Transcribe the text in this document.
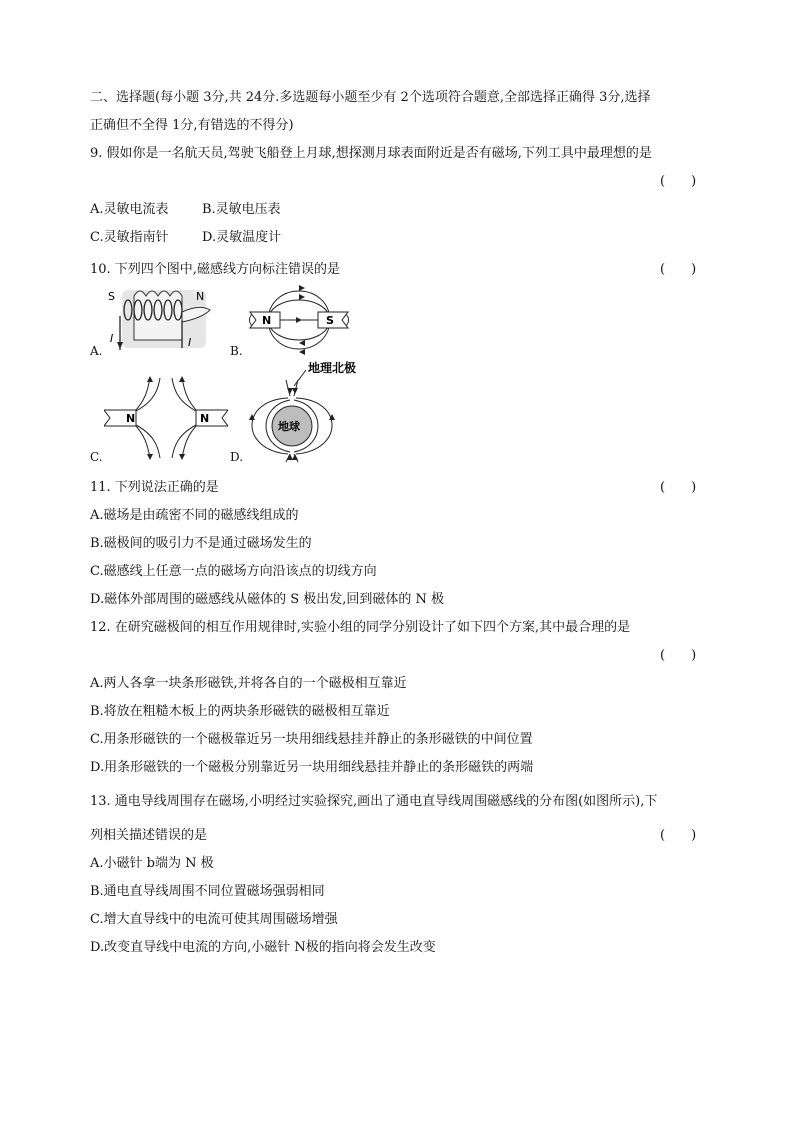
二、选择题(每小题 3分,共 24分.多选题每小题至少有 2个选项符合题意,全部选择正确得 3分,选择
正确但不全得 1分,有错选的不得分)
9. 假如你是一名航天员,驾驶飞船登上月球,想探测月球表面附近是否有磁场,下列工具中最理想的是
(　　)
A.灵敏电流表	B.灵敏电压表
C.灵敏指南针	D.灵敏温度计
10. 下列四个图中,磁感线方向标注错误的是	(　　)
S	N
I	I
A.
N	S
B.
N	N
C.
地理北极
地球
D.
11. 下列说法正确的是	(　　)
A.磁场是由疏密不同的磁感线组成的
B.磁极间的吸引力不是通过磁场发生的
C.磁感线上任意一点的磁场方向沿该点的切线方向
D.磁体外部周围的磁感线从磁体的 S 极出发,回到磁体的 N 极
12. 在研究磁极间的相互作用规律时,实验小组的同学分别设计了如下四个方案,其中最合理的是
(　　)
A.两人各拿一块条形磁铁,并将各自的一个磁极相互靠近
B.将放在粗糙木板上的两块条形磁铁的磁极相互靠近
C.用条形磁铁的一个磁极靠近另一块用细线悬挂并静止的条形磁铁的中间位置
D.用条形磁铁的一个磁极分别靠近另一块用细线悬挂并静止的条形磁铁的两端
13. 通电导线周围存在磁场,小明经过实验探究,画出了通电直导线周围磁感线的分布图(如图所示),下
列相关描述错误的是	(　　)
A.小磁针 b端为 N 极
B.通电直导线周围不同位置磁场强弱相同
C.增大直导线中的电流可使其周围磁场增强
D.改变直导线中电流的方向,小磁针 N极的指向将会发生改变
